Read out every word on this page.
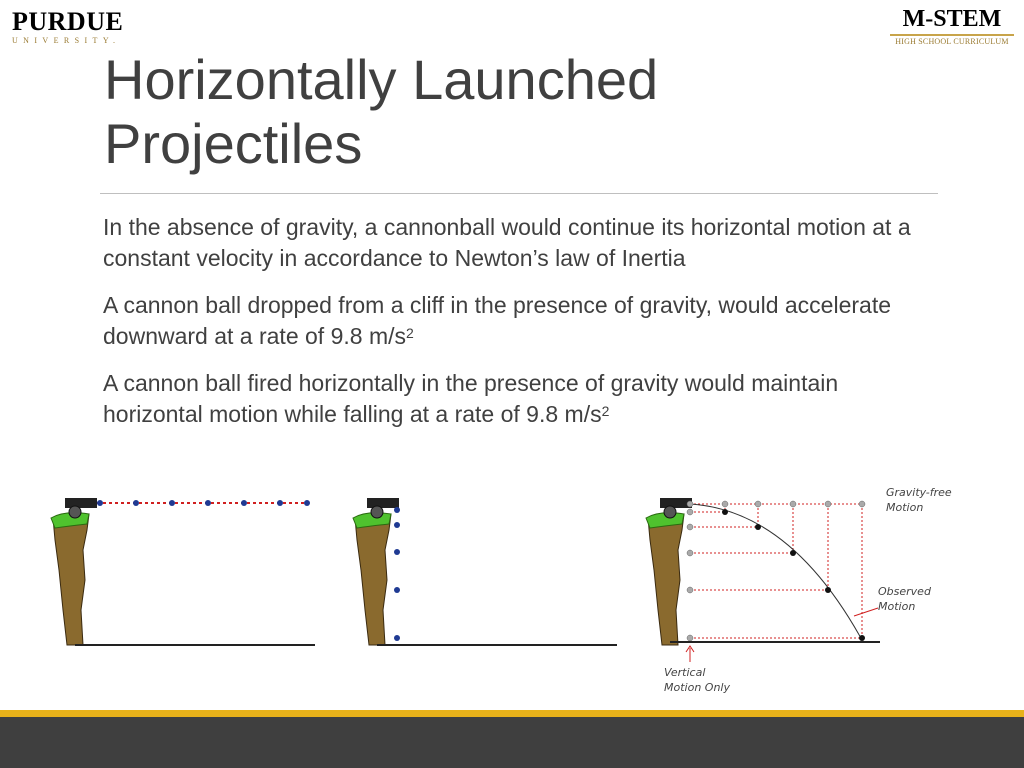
PURDUE
UNIVERSITY.
M-STEM
HIGH SCHOOL CURRICULUM
Horizontally Launched
Projectiles

In the absence of gravity, a cannonball would continue its horizontal motion at a constant velocity in accordance to Newton’s law of Inertia

A cannon ball dropped from a cliff in the presence of gravity, would accelerate downward at a rate of 9.8 $m/s^2$

A cannon ball fired horizontally in the presence of gravity would maintain horizontal motion while falling at a rate of 9.8 $m/s^2$

Gravity-free
Motion
Observed
Motion
Vertical
Motion Only
